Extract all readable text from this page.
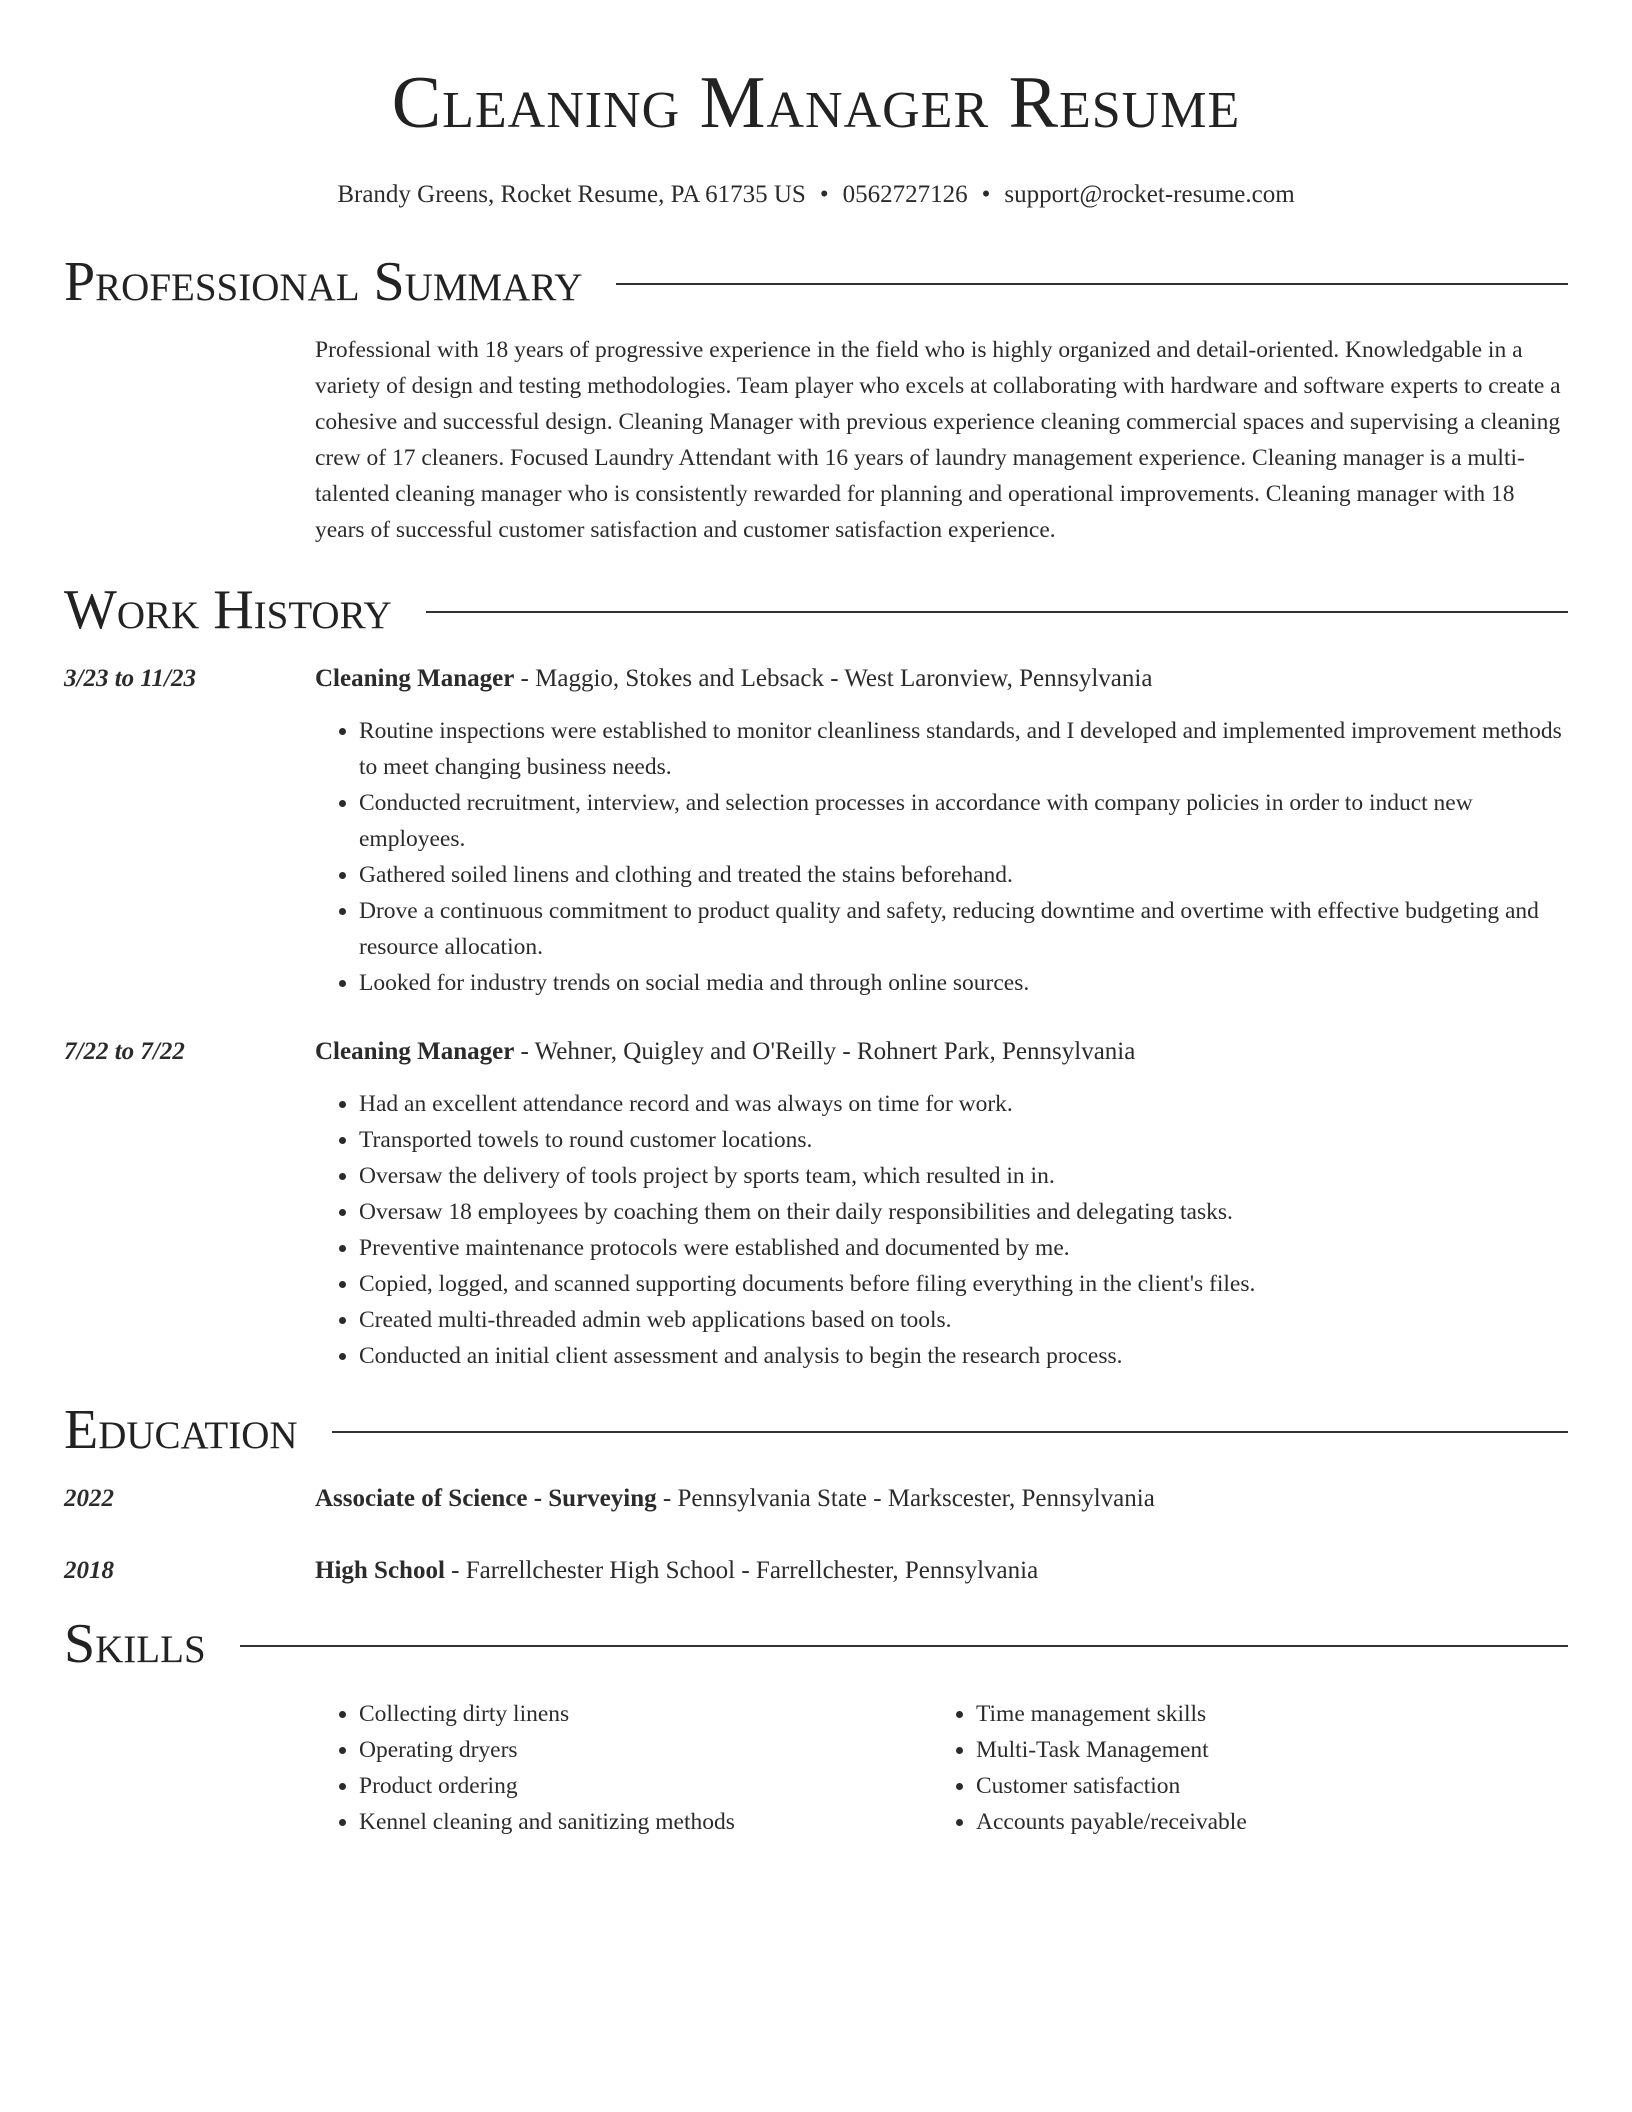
Cleaning Manager Resume
Brandy Greens, Rocket Resume, PA 61735 US • 0562727126 • support@rocket-resume.com
Professional Summary
Professional with 18 years of progressive experience in the field who is highly organized and detail-oriented. Knowledgable in a variety of design and testing methodologies. Team player who excels at collaborating with hardware and software experts to create a cohesive and successful design. Cleaning Manager with previous experience cleaning commercial spaces and supervising a cleaning crew of 17 cleaners. Focused Laundry Attendant with 16 years of laundry management experience. Cleaning manager is a multi-talented cleaning manager who is consistently rewarded for planning and operational improvements. Cleaning manager with 18 years of successful customer satisfaction and customer satisfaction experience.
Work History
3/23 to 11/23	Cleaning Manager - Maggio, Stokes and Lebsack - West Laronview, Pennsylvania
• Routine inspections were established to monitor cleanliness standards, and I developed and implemented improvement methods to meet changing business needs.
• Conducted recruitment, interview, and selection processes in accordance with company policies in order to induct new employees.
• Gathered soiled linens and clothing and treated the stains beforehand.
• Drove a continuous commitment to product quality and safety, reducing downtime and overtime with effective budgeting and resource allocation.
• Looked for industry trends on social media and through online sources.
7/22 to 7/22	Cleaning Manager - Wehner, Quigley and O'Reilly - Rohnert Park, Pennsylvania
• Had an excellent attendance record and was always on time for work.
• Transported towels to round customer locations.
• Oversaw the delivery of tools project by sports team, which resulted in in.
• Oversaw 18 employees by coaching them on their daily responsibilities and delegating tasks.
• Preventive maintenance protocols were established and documented by me.
• Copied, logged, and scanned supporting documents before filing everything in the client's files.
• Created multi-threaded admin web applications based on tools.
• Conducted an initial client assessment and analysis to begin the research process.
Education
2022	Associate of Science - Surveying - Pennsylvania State - Markscester, Pennsylvania
2018	High School - Farrellchester High School - Farrellchester, Pennsylvania
Skills
• Collecting dirty linens
• Operating dryers
• Product ordering
• Kennel cleaning and sanitizing methods
• Time management skills
• Multi-Task Management
• Customer satisfaction
• Accounts payable/receivable
